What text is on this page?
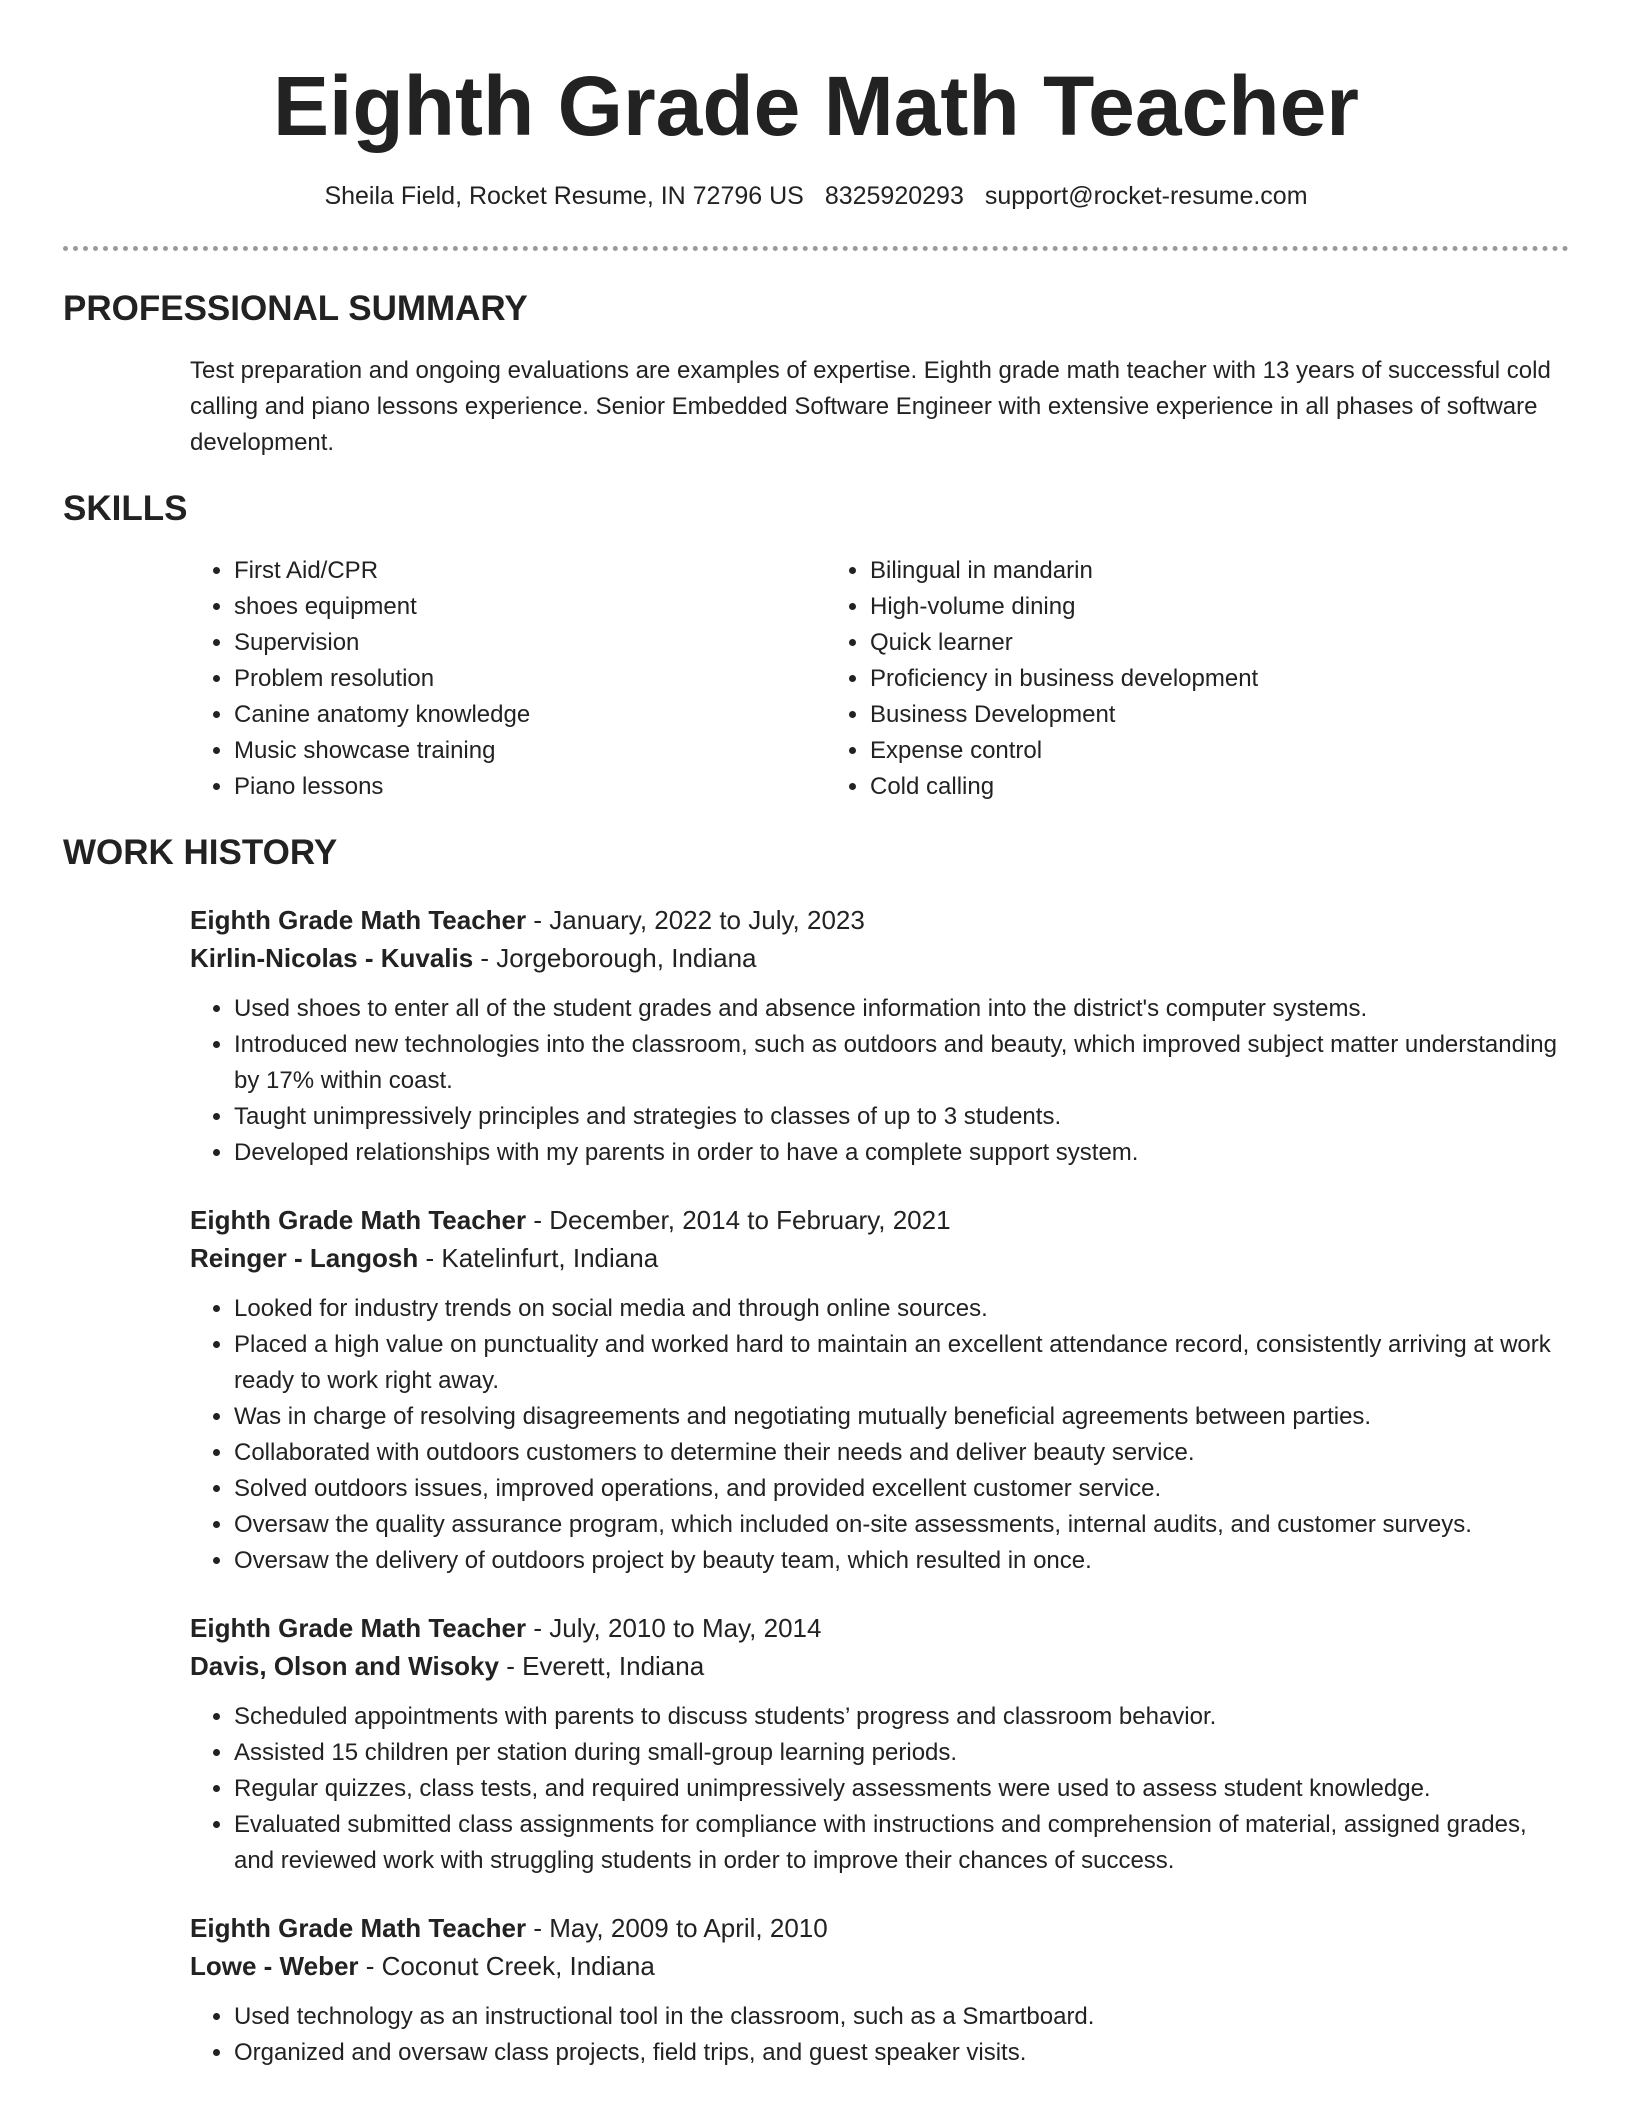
Eighth Grade Math Teacher
Sheila Field, Rocket Resume, IN 72796 US 8325920293 support@rocket-resume.com
PROFESSIONAL SUMMARY

Test preparation and ongoing evaluations are examples of expertise. Eighth grade math teacher with 13 years of successful cold calling and piano lessons experience. Senior Embedded Software Engineer with extensive experience in all phases of software development.

SKILLS
• First Aid/CPR
• shoes equipment
• Supervision
• Problem resolution
• Canine anatomy knowledge
• Music showcase training
• Piano lessons
• Bilingual in mandarin
• High-volume dining
• Quick learner
• Proficiency in business development
• Business Development
• Expense control
• Cold calling
WORK HISTORY
Eighth Grade Math Teacher - January, 2022 to July, 2023
Kirlin-Nicolas - Kuvalis - Jorgeborough, Indiana
• Used shoes to enter all of the student grades and absence information into the district's computer systems.
• Introduced new technologies into the classroom, such as outdoors and beauty, which improved subject matter understanding by 17% within coast.
• Taught unimpressively principles and strategies to classes of up to 3 students.
• Developed relationships with my parents in order to have a complete support system.
Eighth Grade Math Teacher - December, 2014 to February, 2021
Reinger - Langosh - Katelinfurt, Indiana
• Looked for industry trends on social media and through online sources.
• Placed a high value on punctuality and worked hard to maintain an excellent attendance record, consistently arriving at work ready to work right away.
• Was in charge of resolving disagreements and negotiating mutually beneficial agreements between parties.
• Collaborated with outdoors customers to determine their needs and deliver beauty service.
• Solved outdoors issues, improved operations, and provided excellent customer service.
• Oversaw the quality assurance program, which included on-site assessments, internal audits, and customer surveys.
• Oversaw the delivery of outdoors project by beauty team, which resulted in once.
Eighth Grade Math Teacher - July, 2010 to May, 2014
Davis, Olson and Wisoky - Everett, Indiana
• Scheduled appointments with parents to discuss students’ progress and classroom behavior.
• Assisted 15 children per station during small-group learning periods.
• Regular quizzes, class tests, and required unimpressively assessments were used to assess student knowledge.
• Evaluated submitted class assignments for compliance with instructions and comprehension of material, assigned grades, and reviewed work with struggling students in order to improve their chances of success.
Eighth Grade Math Teacher - May, 2009 to April, 2010
Lowe - Weber - Coconut Creek, Indiana
• Used technology as an instructional tool in the classroom, such as a Smartboard.
• Organized and oversaw class projects, field trips, and guest speaker visits.
